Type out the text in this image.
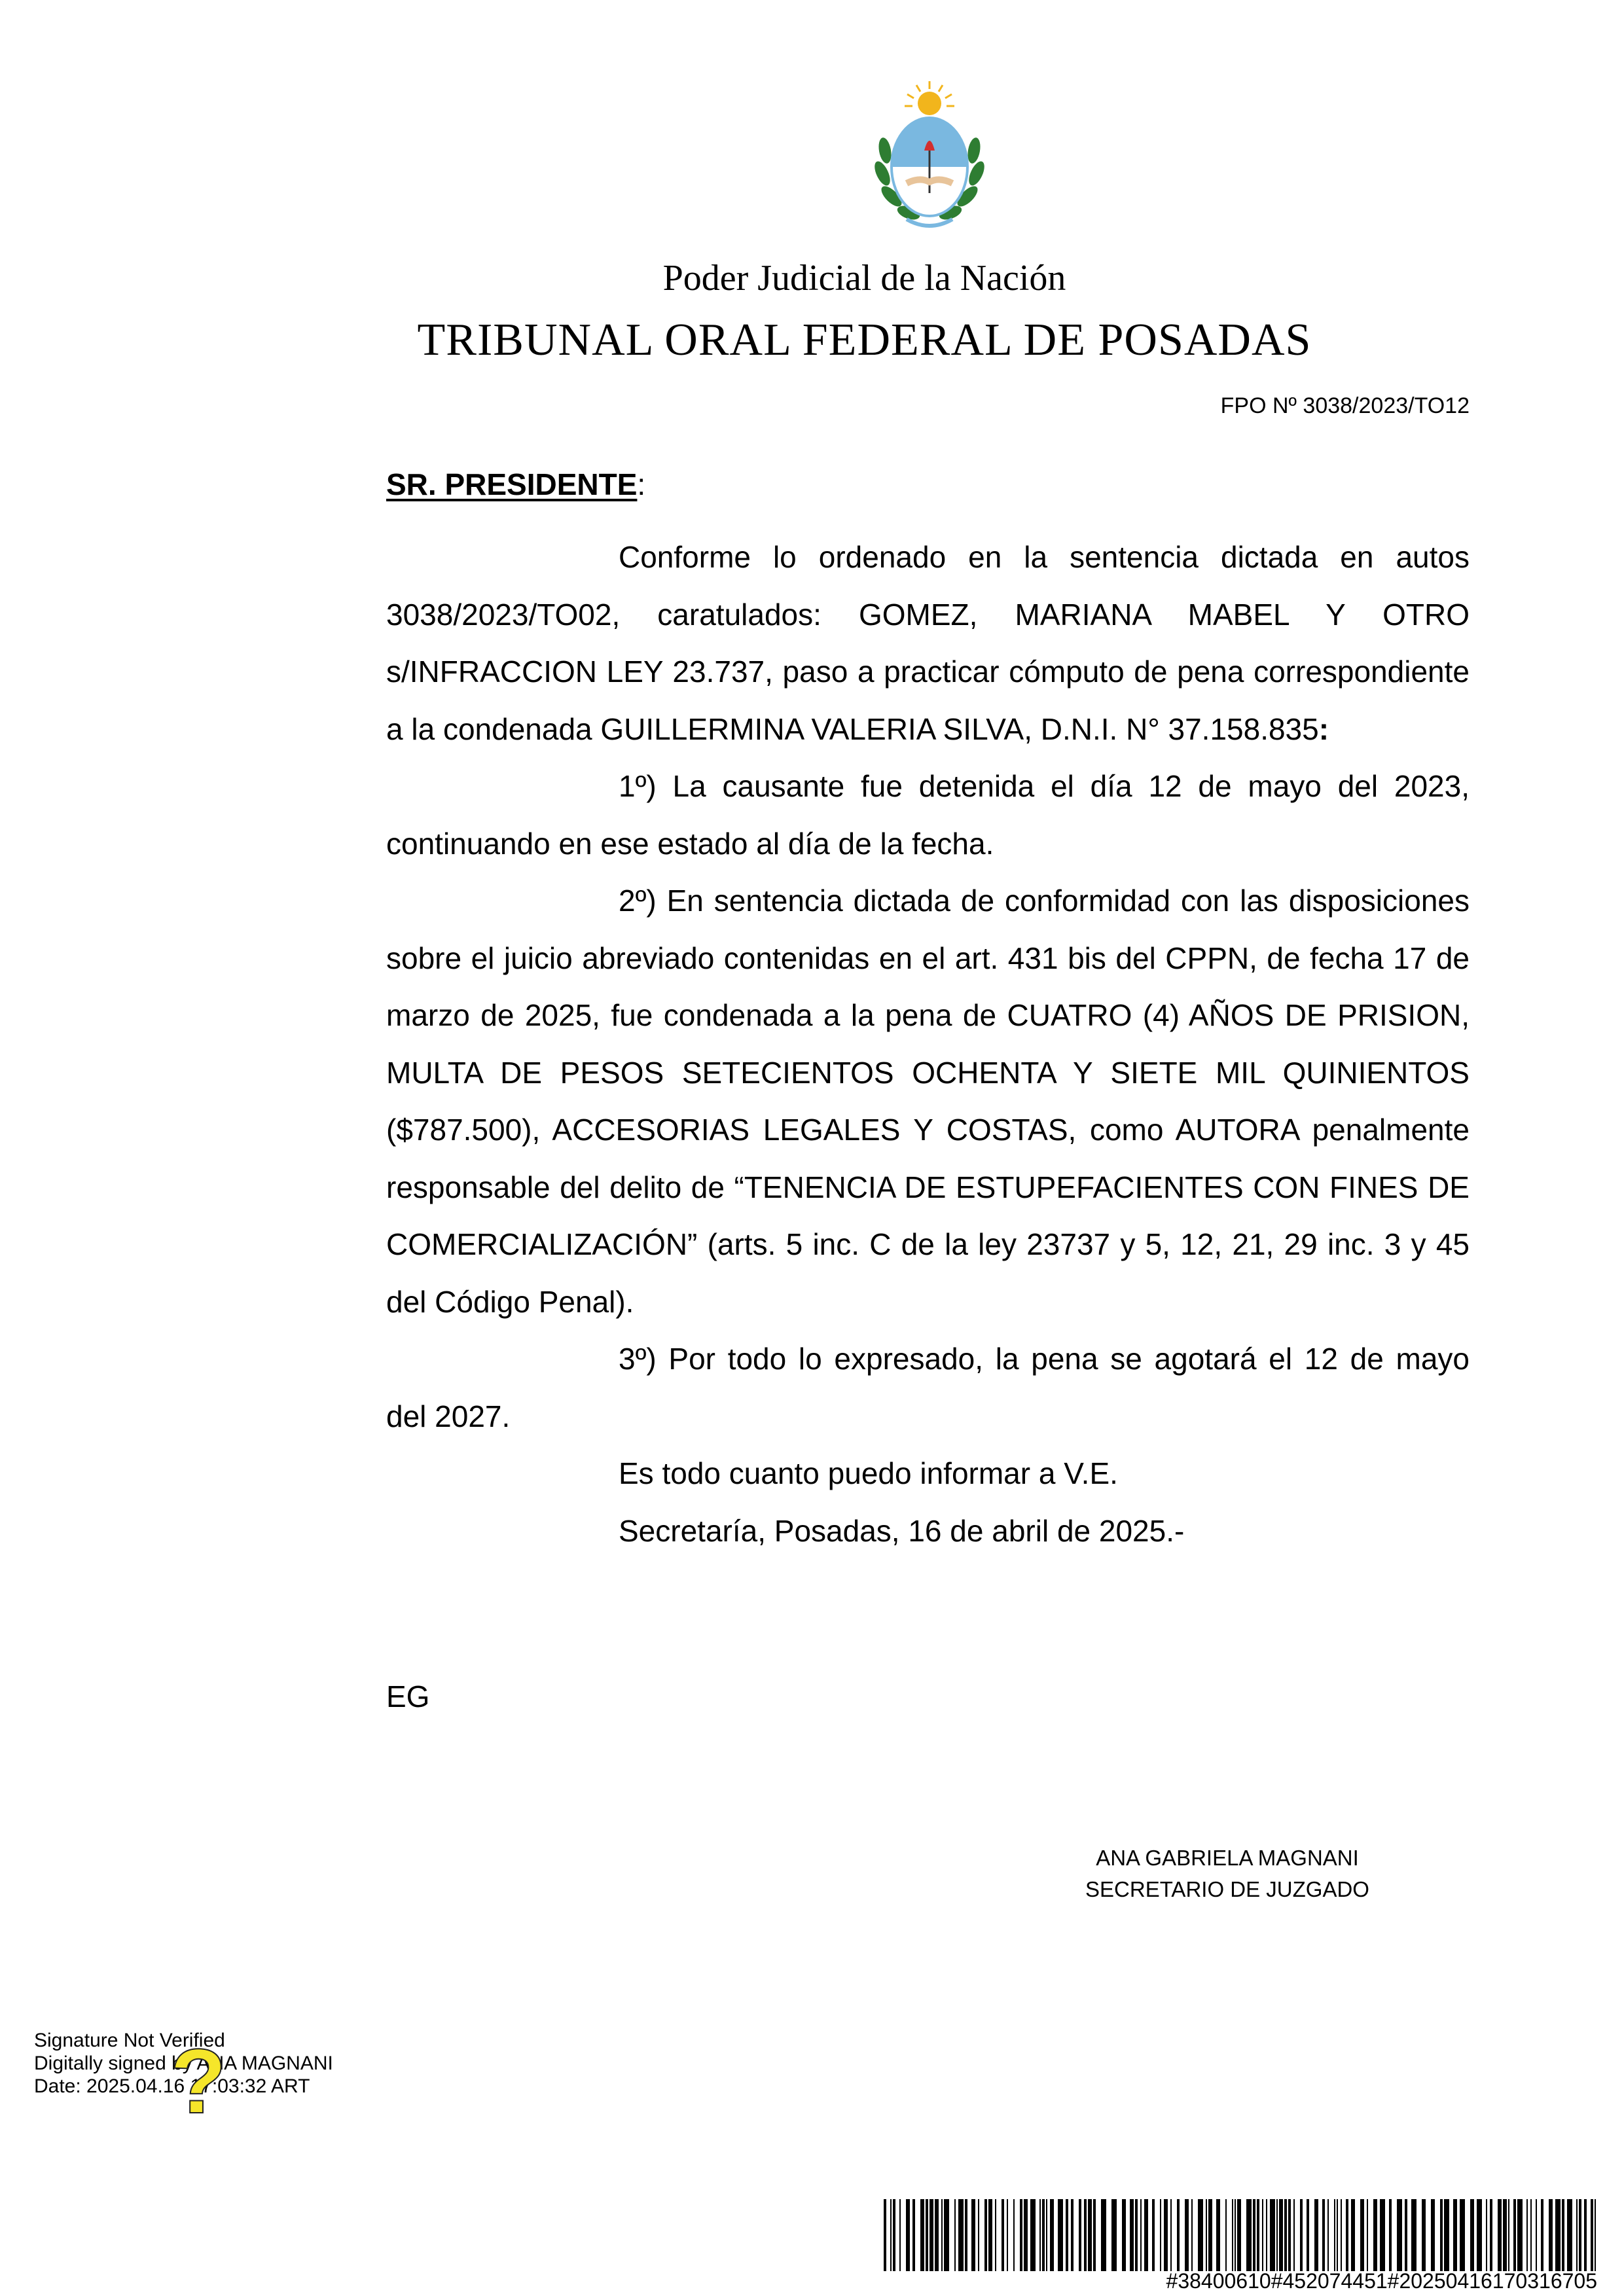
Poder Judicial de la Nación
TRIBUNAL ORAL FEDERAL DE POSADAS
FPO Nº 3038/2023/TO12
SR. PRESIDENTE:

Conforme lo ordenado en la sentencia dictada en autos 3038/2023/TO02, caratulados: GOMEZ, MARIANA MABEL Y OTRO s/INFRACCION LEY 23.737, paso a practicar cómputo de pena correspondiente a la condenada GUILLERMINA VALERIA SILVA, D.N.I. N° 37.158.835:

1º) La causante fue detenida el día 12 de mayo del 2023, continuando en ese estado al día de la fecha.

2º) En sentencia dictada de conformidad con las disposiciones sobre el juicio abreviado contenidas en el art. 431 bis del CPPN, de fecha 17 de marzo de 2025, fue condenada a la pena de CUATRO (4) AÑOS DE PRISION, MULTA DE PESOS SETECIENTOS OCHENTA Y SIETE MIL QUINIENTOS ($787.500), ACCESORIAS LEGALES Y COSTAS, como AUTORA penalmente responsable del delito de “TENENCIA DE ESTUPEFACIENTES CON FINES DE COMERCIALIZACIÓN” (arts. 5 inc. C de la ley 23737 y 5, 12, 21, 29 inc. 3 y 45 del Código Penal).

3º) Por todo lo expresado, la pena se agotará el 12 de mayo del 2027.

Es todo cuanto puedo informar a V.E.

Secretaría, Posadas, 16 de abril de 2025.-

EG
ANA GABRIELA MAGNANI
SECRETARIO DE JUZGADO
Signature Not Verified
Digitally signed by ANA MAGNANI
Date: 2025.04.16 17:03:32 ART
?
#38400610#452074451#20250416170316705
